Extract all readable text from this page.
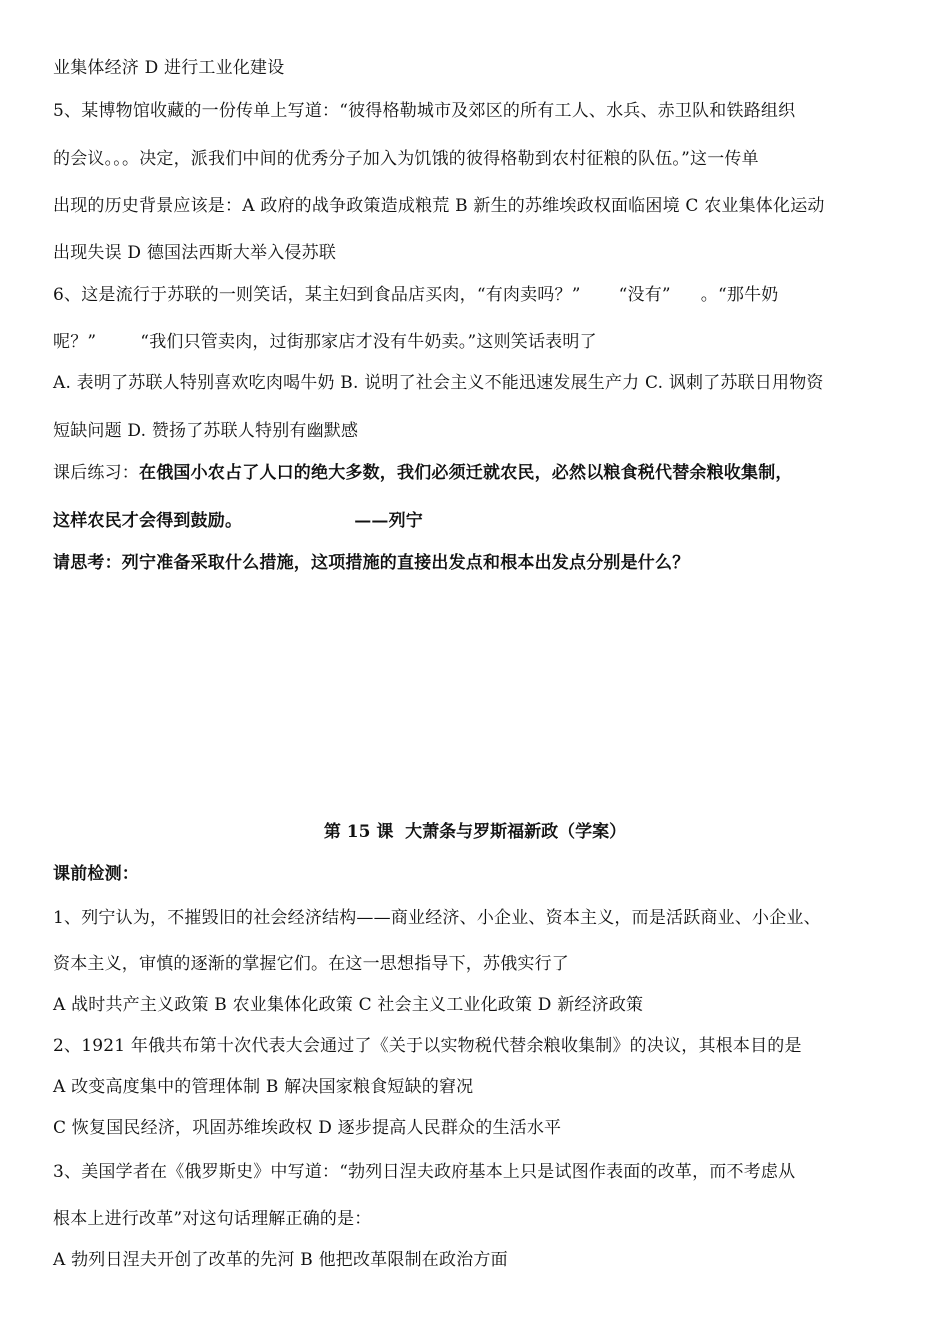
业集体经济 D 进行工业化建设
5、某博物馆收藏的一份传单上写道：“彼得格勒城市及郊区的所有工人、水兵、赤卫队和铁路组织
的会议。。。决定，派我们中间的优秀分子加入为饥饿的彼得格勒到农村征粮的队伍。”这一传单
出现的历史背景应该是：A 政府的战争政策造成粮荒 B 新生的苏维埃政权面临困境 C 农业集体化运动
出现失误 D 德国法西斯大举入侵苏联
6、这是流行于苏联的一则笑话，某主妇到食品店买肉，“有肉卖吗？” “没有” 。“那牛奶
呢？”	“我们只管卖肉，过街那家店才没有牛奶卖。”这则笑话表明了
A. 表明了苏联人特别喜欢吃肉喝牛奶 B. 说明了社会主义不能迅速发展生产力 C. 讽刺了苏联日用物资
短缺问题 D. 赞扬了苏联人特别有幽默感
课后练习：在俄国小农占了人口的绝大多数，我们必须迁就农民，必然以粮食税代替余粮收集制，
这样农民才会得到鼓励。	——列宁
请思考：列宁准备采取什么措施，这项措施的直接出发点和根本出发点分别是什么？
第 15 课  大萧条与罗斯福新政（学案）
课前检测：
1、列宁认为，不摧毁旧的社会经济结构——商业经济、小企业、资本主义，而是活跃商业、小企业、
资本主义，审慎的逐渐的掌握它们。在这一思想指导下，苏俄实行了
A 战时共产主义政策 B 农业集体化政策 C 社会主义工业化政策 D 新经济政策
2、1921 年俄共布第十次代表大会通过了《关于以实物税代替余粮收集制》的决议，其根本目的是
A 改变高度集中的管理体制 B 解决国家粮食短缺的窘况
C 恢复国民经济，巩固苏维埃政权 D 逐步提高人民群众的生活水平
3、美国学者在《俄罗斯史》中写道：“勃列日涅夫政府基本上只是试图作表面的改革，而不考虑从
根本上进行改革”对这句话理解正确的是：
A 勃列日涅夫开创了改革的先河 B 他把改革限制在政治方面
